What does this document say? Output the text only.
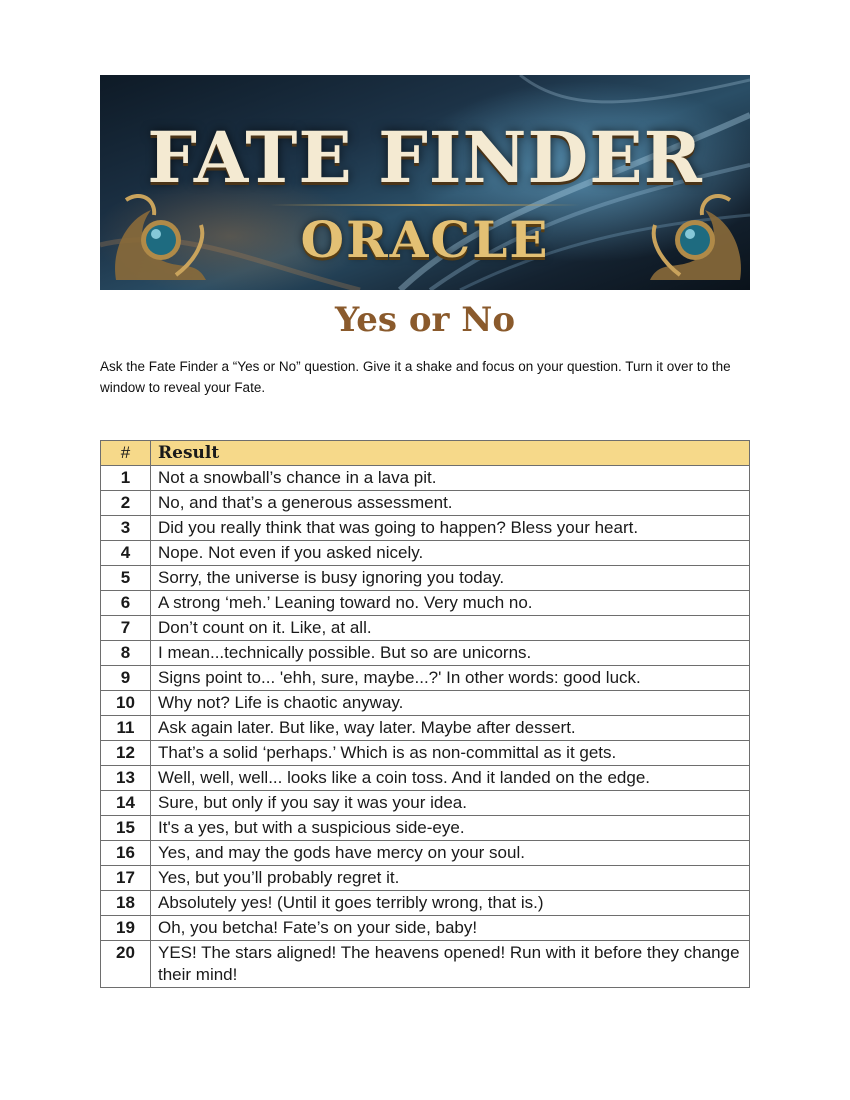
FATE FINDER
ORACLE
Yes or No
Ask the Fate Finder a “Yes or No” question. Give it a shake and focus on your question. Turn it over to the window to reveal your Fate.
#	Result
1	Not a snowball’s chance in a lava pit.
2	No, and that’s a generous assessment.
3	Did you really think that was going to happen? Bless your heart.
4	Nope. Not even if you asked nicely.
5	Sorry, the universe is busy ignoring you today.
6	A strong ‘meh.’ Leaning toward no. Very much no.
7	Don’t count on it. Like, at all.
8	I mean...technically possible. But so are unicorns.
9	Signs point to... 'ehh, sure, maybe...?' In other words: good luck.
10	Why not? Life is chaotic anyway.
11	Ask again later. But like, way later. Maybe after dessert.
12	That’s a solid ‘perhaps.’ Which is as non-committal as it gets.
13	Well, well, well... looks like a coin toss. And it landed on the edge.
14	Sure, but only if you say it was your idea.
15	It's a yes, but with a suspicious side-eye.
16	Yes, and may the gods have mercy on your soul.
17	Yes, but you’ll probably regret it.
18	Absolutely yes! (Until it goes terribly wrong, that is.)
19	Oh, you betcha! Fate’s on your side, baby!
20	YES! The stars aligned! The heavens opened! Run with it before they change their mind!
